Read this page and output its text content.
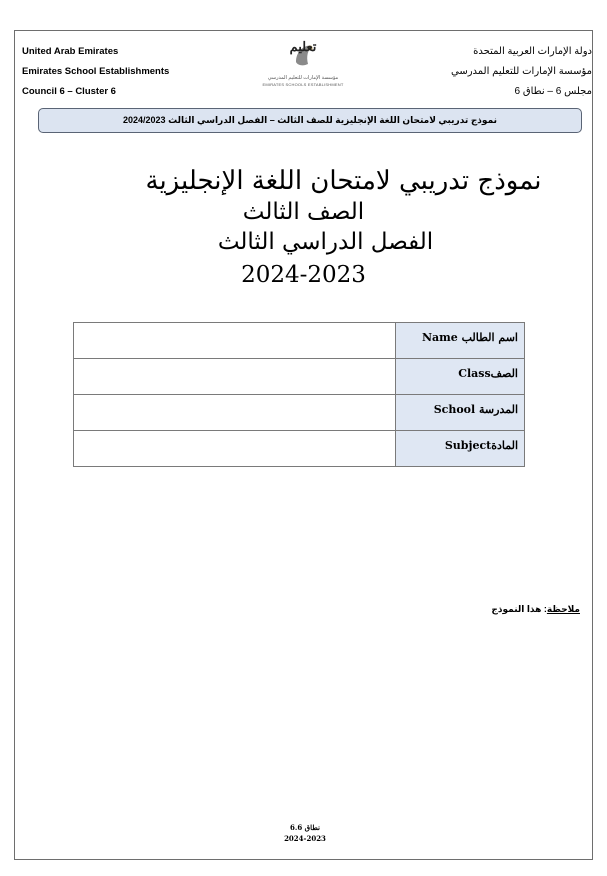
United Arab Emirates
Emirates School Establishments
Council 6 – Cluster 6
تعليم
مؤسسة الإمارات للتعليم المدرسي
EMIRATES SCHOOLS ESTABLISHMENT
دولة الإمارات العربية المتحدة
مؤسسة الإمارات للتعليم المدرسي
مجلس 6 – نطاق 6
نموذج تدريبي لامتحان اللغة الإنجليزية للصف الثالث – الفصل الدراسي الثالث 2024/2023
نموذج تدريبي لامتحان اللغة الإنجليزية
الصف الثالث
الفصل الدراسي الثالث
2024-2023
	اسم الطالب Name
	الصفClass
	المدرسة School
	المادةSubject
ملاحظة: هذا النموذج
نطاق 6.6
2024-2023
